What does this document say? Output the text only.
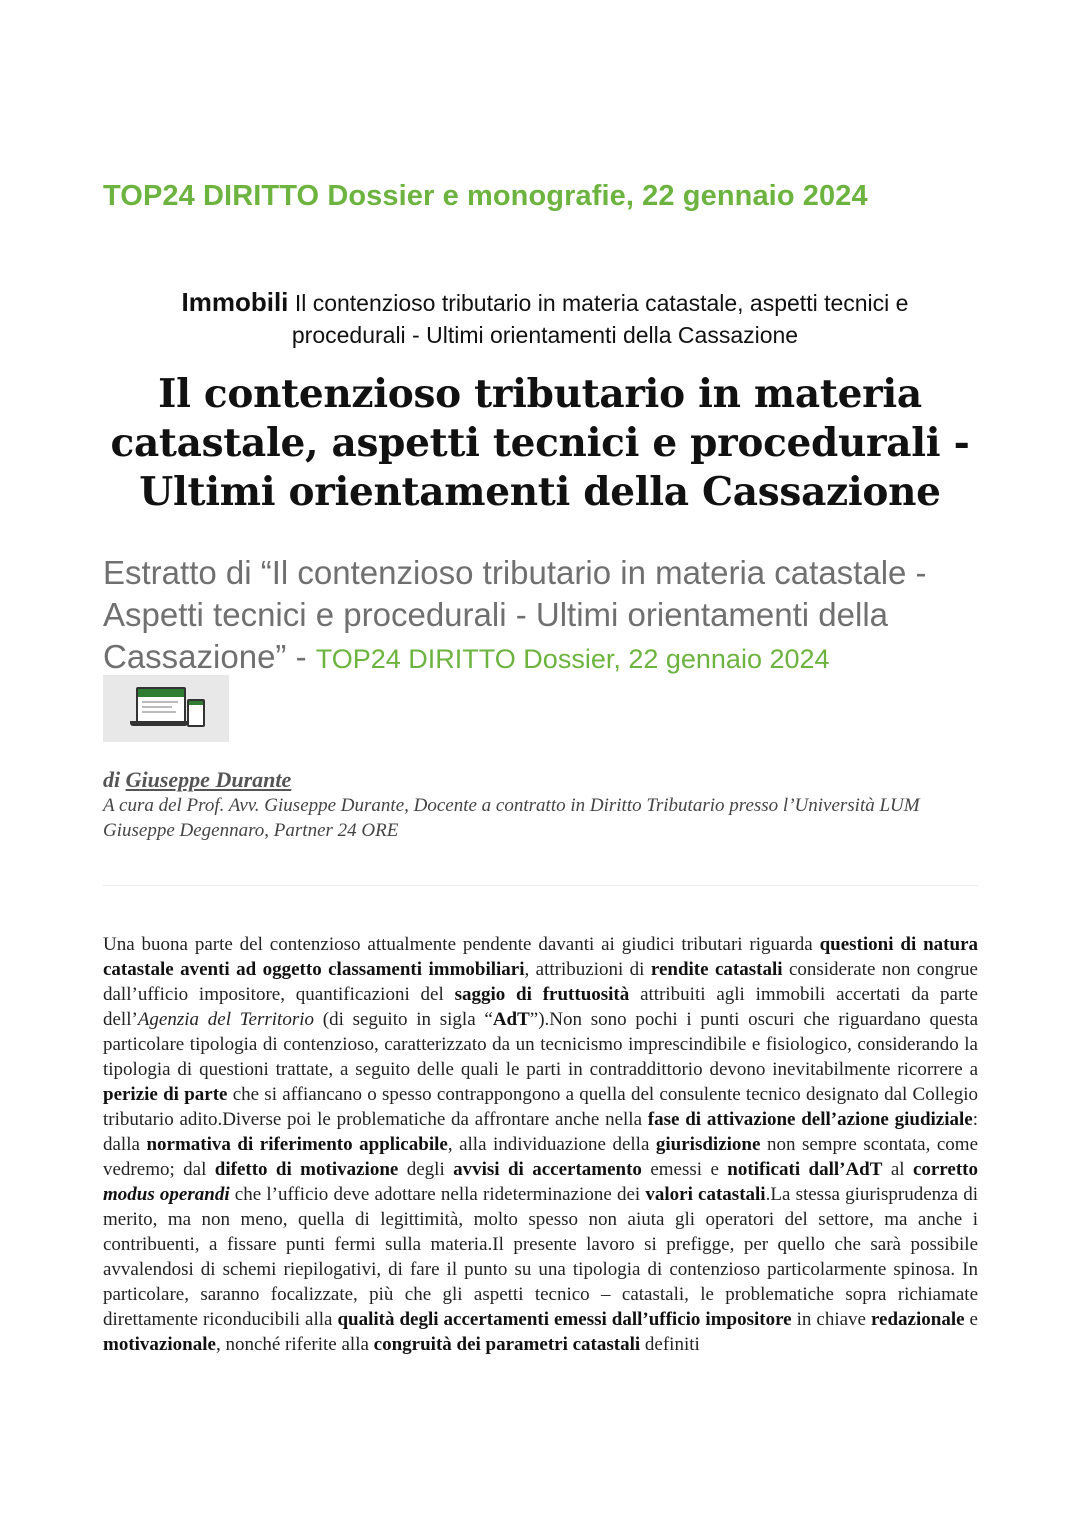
TOP24 DIRITTO Dossier e monografie, 22 gennaio 2024
Immobili Il contenzioso tributario in materia catastale, aspetti tecnici e procedurali - Ultimi orientamenti della Cassazione
Il contenzioso tributario in materia catastale, aspetti tecnici e procedurali - Ultimi orientamenti della Cassazione
Estratto di “Il contenzioso tributario in materia catastale - Aspetti tecnici e procedurali - Ultimi orientamenti della Cassazione” - TOP24 DIRITTO Dossier, 22 gennaio 2024
di Giuseppe Durante
A cura del Prof. Avv. Giuseppe Durante, Docente a contratto in Diritto Tributario presso l’Università LUM Giuseppe Degennaro, Partner 24 ORE
Una buona parte del contenzioso attualmente pendente davanti ai giudici tributari riguarda questioni di natura catastale aventi ad oggetto classamenti immobiliari, attribuzioni di rendite catastali considerate non congrue dall’ufficio impositore, quantificazioni del saggio di fruttuosità attribuiti agli immobili accertati da parte dell’Agenzia del Territorio (di seguito in sigla “AdT”).Non sono pochi i punti oscuri che riguardano questa particolare tipologia di contenzioso, caratterizzato da un tecnicismo imprescindibile e fisiologico, considerando la tipologia di questioni trattate, a seguito delle quali le parti in contraddittorio devono inevitabilmente ricorrere a perizie di parte che si affiancano o spesso contrappongono a quella del consulente tecnico designato dal Collegio tributario adito.Diverse poi le problematiche da affrontare anche nella fase di attivazione dell’azione giudiziale: dalla normativa di riferimento applicabile, alla individuazione della giurisdizione non sempre scontata, come vedremo; dal difetto di motivazione degli avvisi di accertamento emessi e notificati dall’AdT al corretto modus operandi che l’ufficio deve adottare nella rideterminazione dei valori catastali.La stessa giurisprudenza di merito, ma non meno, quella di legittimità, molto spesso non aiuta gli operatori del settore, ma anche i contribuenti, a fissare punti fermi sulla materia.Il presente lavoro si prefigge, per quello che sarà possibile avvalendosi di schemi riepilogativi, di fare il punto su una tipologia di contenzioso particolarmente spinosa. In particolare, saranno focalizzate, più che gli aspetti tecnico – catastali, le problematiche sopra richiamate direttamente riconducibili alla qualità degli accertamenti emessi dall’ufficio impositore in chiave redazionale e motivazionale, nonché riferite alla congruità dei parametri catastali definiti
